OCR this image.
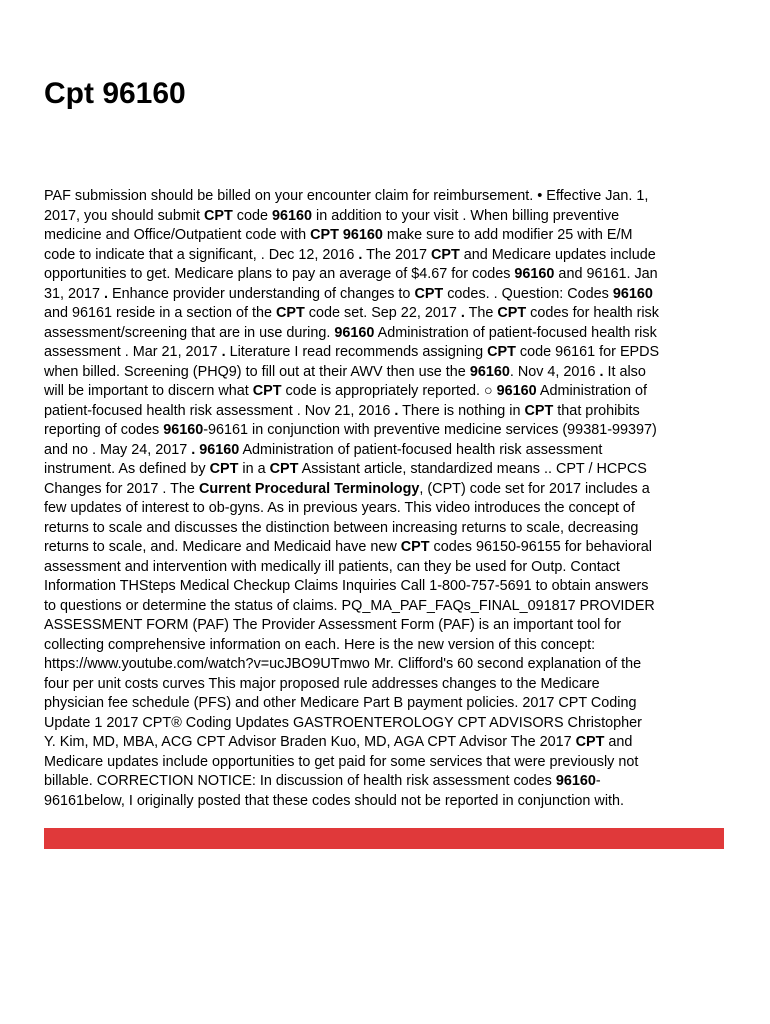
Cpt 96160
PAF submission should be billed on your encounter claim for reimbursement. • Effective Jan. 1,
2017, you should submit CPT code 96160 in addition to your visit . When billing preventive
medicine and Office/Outpatient code with CPT 96160 make sure to add modifier 25 with E/M
code to indicate that a significant, . Dec 12, 2016 . The 2017 CPT and Medicare updates include
opportunities to get. Medicare plans to pay an average of $4.67 for codes 96160 and 96161. Jan
31, 2017 . Enhance provider understanding of changes to CPT codes. . Question: Codes 96160
and 96161 reside in a section of the CPT code set. Sep 22, 2017 . The CPT codes for health risk
assessment/screening that are in use during. 96160 Administration of patient-focused health risk
assessment . Mar 21, 2017 . Literature I read recommends assigning CPT code 96161 for EPDS
when billed. Screening (PHQ9) to fill out at their AWV then use the 96160. Nov 4, 2016 . It also
will be important to discern what CPT code is appropriately reported. ○ 96160 Administration of
patient-focused health risk assessment . Nov 21, 2016 . There is nothing in CPT that prohibits
reporting of codes 96160-96161 in conjunction with preventive medicine services (99381-99397)
and no . May 24, 2017 . 96160 Administration of patient-focused health risk assessment
instrument. As defined by CPT in a CPT Assistant article, standardized means .. CPT / HCPCS
Changes for 2017 . The Current Procedural Terminology, (CPT) code set for 2017 includes a
few updates of interest to ob-gyns. As in previous years. This video introduces the concept of
returns to scale and discusses the distinction between increasing returns to scale, decreasing
returns to scale, and. Medicare and Medicaid have new CPT codes 96150-96155 for behavioral
assessment and intervention with medically ill patients, can they be used for Outp. Contact
Information THSteps Medical Checkup Claims Inquiries Call 1-800-757-5691 to obtain answers
to questions or determine the status of claims. PQ_MA_PAF_FAQs_FINAL_091817 PROVIDER
ASSESSMENT FORM (PAF) The Provider Assessment Form (PAF) is an important tool for
collecting comprehensive information on each. Here is the new version of this concept:
https://www.youtube.com/watch?v=ucJBO9UTmwo Mr. Clifford's 60 second explanation of the
four per unit costs curves This major proposed rule addresses changes to the Medicare
physician fee schedule (PFS) and other Medicare Part B payment policies. 2017 CPT Coding
Update 1 2017 CPT® Coding Updates GASTROENTEROLOGY CPT ADVISORS Christopher
Y. Kim, MD, MBA, ACG CPT Advisor Braden Kuo, MD, AGA CPT Advisor The 2017 CPT and
Medicare updates include opportunities to get paid for some services that were previously not
billable. CORRECTION NOTICE: In discussion of health risk assessment codes 96160-
96161below, I originally posted that these codes should not be reported in conjunction with.
